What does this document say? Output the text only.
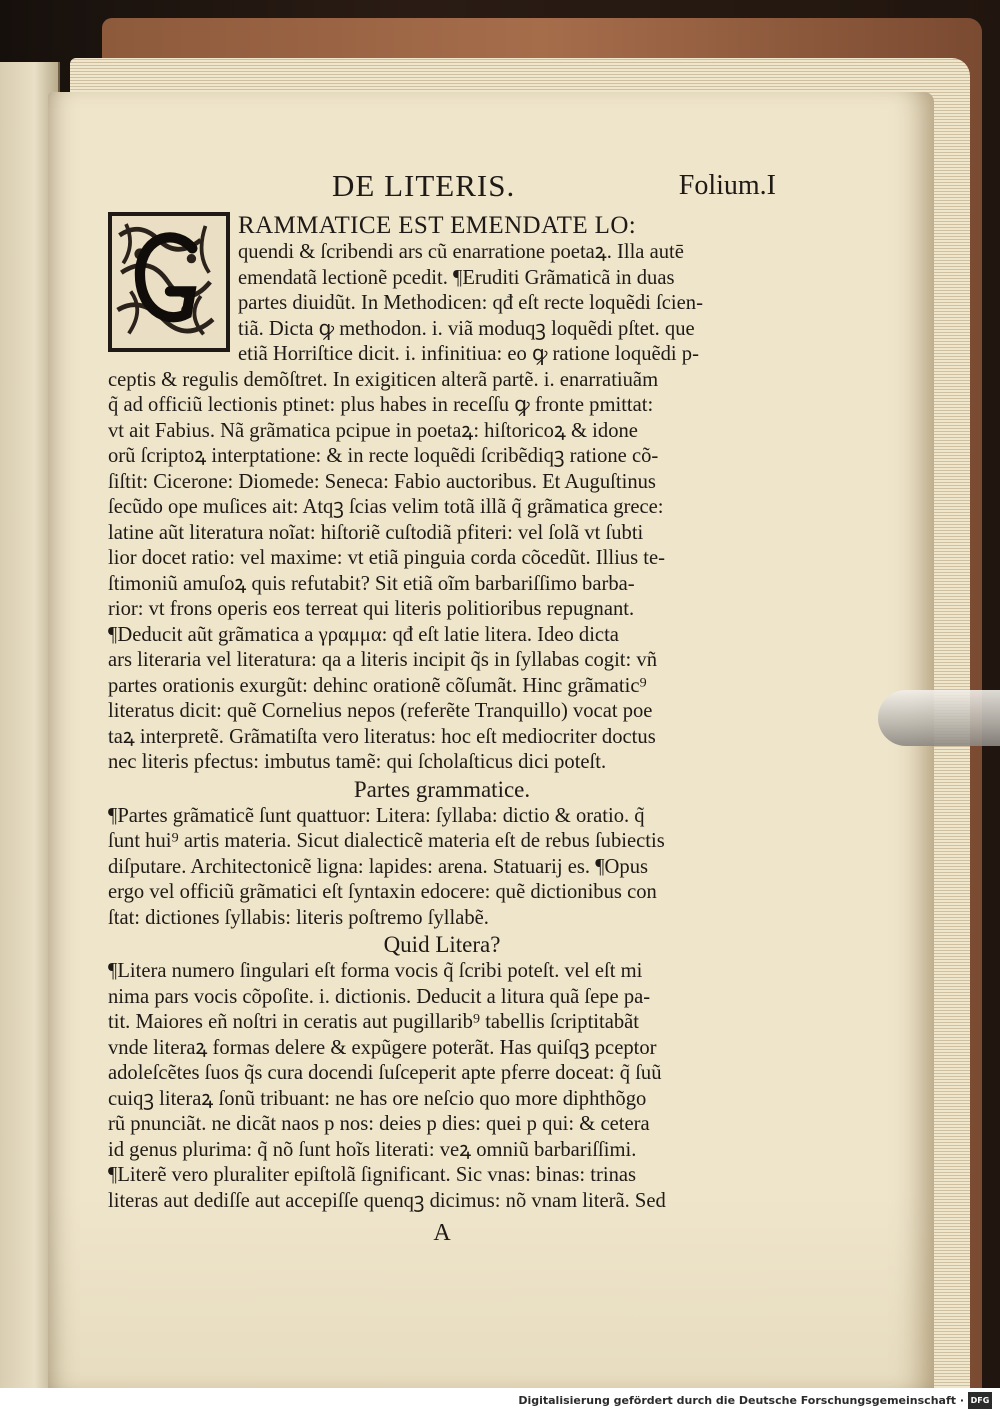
DE LITERIS.	Folium.I
RAMMATICE EST EMENDATE LO:
quendi & ſcribendi ars cũ enarratione poetaꝝ. Illa autē
emendatã lectionẽ pcedit. ¶Eruditi Grãmaticã in duas
partes diuidũt. In Methodicen: qđ eſt recte loquẽdi ſcien-
tiã. Dicta ꝙ methodon. i. viã moduqꝫ loquẽdi pſtet. que
etiã Horriſtice dicit. i. infinitiua: eo ꝙ ratione loquẽdi p-
ceptis & regulis demõſtret. In exigiticen alterã partẽ. i. enarratiuãm
q̃ ad officiũ lectionis ptinet: plus habes in receſſu ꝙ fronte pmittat:
vt ait Fabius. Nã grãmatica pcipue in poetaꝝ: hiſtoricoꝝ & idone
orũ ſcriptoꝝ interptatione: & in recte loquẽdi ſcribẽdiqꝫ ratione cõ-
ſiſtit: Cicerone: Diomede: Seneca: Fabio auctoribus. Et Auguſtinus
ſecũdo ope muſices ait: Atqꝫ ſcias velim totã illã q̃ grãmatica grece:
latine aũt literatura noĩat: hiſtoriẽ cuſtodiã pfiteri: vel ſolã vt ſubti
lior docet ratio: vel maxime: vt etiã pinguia corda cõcedũt. Illius te-
ſtimoniũ amuſoꝝ quis refutabit? Sit etiã oĩm barbariſſimo barba-
rior: vt frons operis eos terreat qui literis politioribus repugnant.
¶Deducit aũt grãmatica a γραμμα: qđ eſt latie litera. Ideo dicta
ars literaria vel literatura: qa a literis incipit q̃s in ſyllabas cogit: vñ
partes orationis exurgũt: dehinc orationẽ cõſumãt. Hinc grãmatic⁹
literatus dicit: quẽ Cornelius nepos (referẽte Tranquillo) vocat poe
taꝝ interpretẽ. Grãmatiſta vero literatus: hoc eſt mediocriter doctus
nec literis pfectus: imbutus tamẽ: qui ſcholaſticus dici poteſt.
Partes grammatice.
¶Partes grãmaticẽ ſunt quattuor: Litera: ſyllaba: dictio & oratio. q̃
ſunt hui⁹ artis materia. Sicut dialecticẽ materia eſt de rebus ſubiectis
diſputare. Architectonicẽ ligna: lapides: arena. Statuarij es. ¶Opus
ergo vel officiũ grãmatici eſt ſyntaxin edocere: quẽ dictionibus con
ſtat: dictiones ſyllabis: literis poſtremo ſyllabẽ.
Quid Litera?
¶Litera numero ſingulari eſt forma vocis q̃ ſcribi poteſt. vel eſt mi
nima pars vocis cõpoſite. i. dictionis. Deducit a litura quã ſepe pa-
tit. Maiores eñ noſtri in ceratis aut pugillarib⁹ tabellis ſcriptitabãt
vnde literaꝝ formas delere & expũgere poterãt. Has quiſqꝫ pceptor
adoleſcẽtes ſuos q̃s cura docendi ſuſceperit apte pferre doceat: q̃ ſuũ
cuiqꝫ literaꝝ ſonũ tribuant: ne has ore neſcio quo more diphthõgo
rũ pnunciãt. ne dicãt naos p nos: deies p dies: quei p qui: & cetera
id genus plurima: q̃ nõ ſunt hoĩs literati: veꝝ omniũ barbariſſimi.
¶Literẽ vero pluraliter epiſtolã ſignificant. Sic vnas: binas: trinas
literas aut dediſſe aut accepiſſe quenqꝫ dicimus: nõ vnam literã. Sed
A
Digitalisierung gefördert durch die Deutsche Forschungsgemeinschaft · DFG
